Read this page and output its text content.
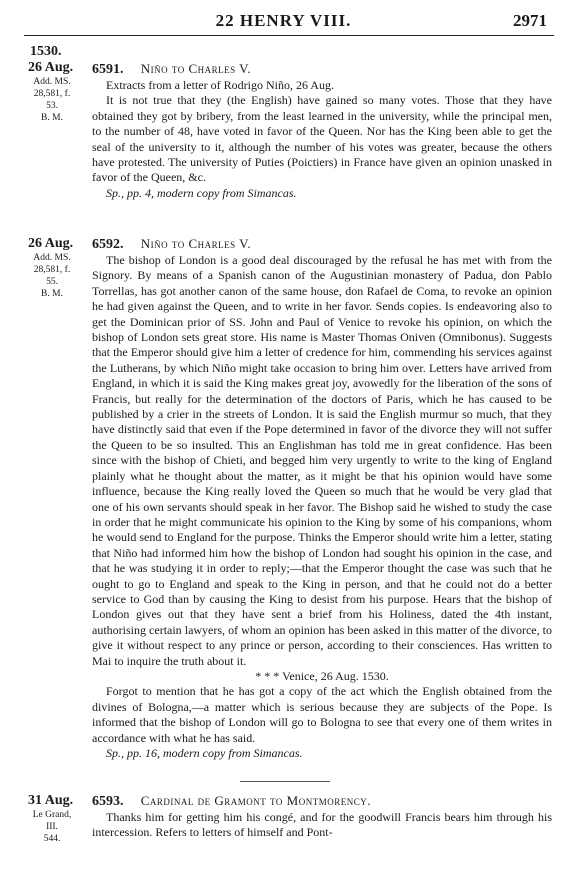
22 HENRY VIII.	2971
1530.
26 Aug.
Add. MS.
28,581, f. 53.
B. M.
6591. Niño to Charles V.

Extracts from a letter of Rodrigo Niño, 26 Aug.

It is not true that they (the English) have gained so many votes. Those that they have obtained they got by bribery, from the least learned in the university, while the principal men, to the number of 48, have voted in favor of the Queen. Nor has the King been able to get the seal of the university to it, although the number of his votes was greater, because the others have protested. The university of Puties (Poictiers) in France have given an opinion unasked in favor of the Queen, &c.

Sp., pp. 4, modern copy from Simancas.

26 Aug.
Add. MS.
28,581, f. 55.
B. M.
6592. Niño to Charles V.

The bishop of London is a good deal discouraged by the refusal he has met with from the Signory. By means of a Spanish canon of the Augustinian monastery of Padua, don Pablo Torrellas, has got another canon of the same house, don Rafael de Coma, to revoke an opinion he had given against the Queen, and to write in her favor. Sends copies. Is endeavoring also to get the Dominican prior of SS. John and Paul of Venice to revoke his opinion, on which the bishop of London sets great store. His name is Master Thomas Oniven (Omnibonus). Suggests that the Emperor should give him a letter of credence for him, commending his services against the Lutherans, by which Niño might take occasion to bring him over. Letters have arrived from England, in which it is said the King makes great joy, avowedly for the liberation of the sons of Francis, but really for the determination of the doctors of Paris, which he has caused to be published by a crier in the streets of London. It is said the English murmur so much, that they have distinctly said that even if the Pope determined in favor of the divorce they will not suffer the Queen to be so insulted. This an Englishman has told me in great confidence. Has been since with the bishop of Chieti, and begged him very urgently to write to the king of England plainly what he thought about the matter, as it might be that his opinion would have some influence, because the King really loved the Queen so much that he would be very glad that one of his own servants should speak in her favor. The Bishop said he wished to study the case in order that he might communicate his opinion to the King by some of his companions, whom he would send to England for the purpose. Thinks the Emperor should write him a letter, stating that Niño had informed him how the bishop of London had sought his opinion in the case, and that he was studying it in order to reply;—that the Emperor thought the case was such that he ought to go to England and speak to the King in person, and that he could not do a better service to God than by causing the King to desist from his purpose. Hears that the bishop of London gives out that they have sent a brief from his Holiness, dated the 4th instant, authorising certain lawyers, of whom an opinion has been asked in this matter of the divorce, to give it without respect to any prince or person, according to their consciences. Has written to Mai to inquire the truth about it.

* * * Venice, 26 Aug. 1530.

Forgot to mention that he has got a copy of the act which the English obtained from the divines of Bologna,—a matter which is serious because they are subjects of the Pope. Is informed that the bishop of London will go to Bologna to see that every one of them writes in accordance with what he has said.

Sp., pp. 16, modern copy from Simancas.

31 Aug.
Le Grand, III.
544.
6593. Cardinal de Gramont to Montmorency.

Thanks him for getting him his congé, and for the goodwill Francis bears him through his intercession. Refers to letters of himself and Pont-
